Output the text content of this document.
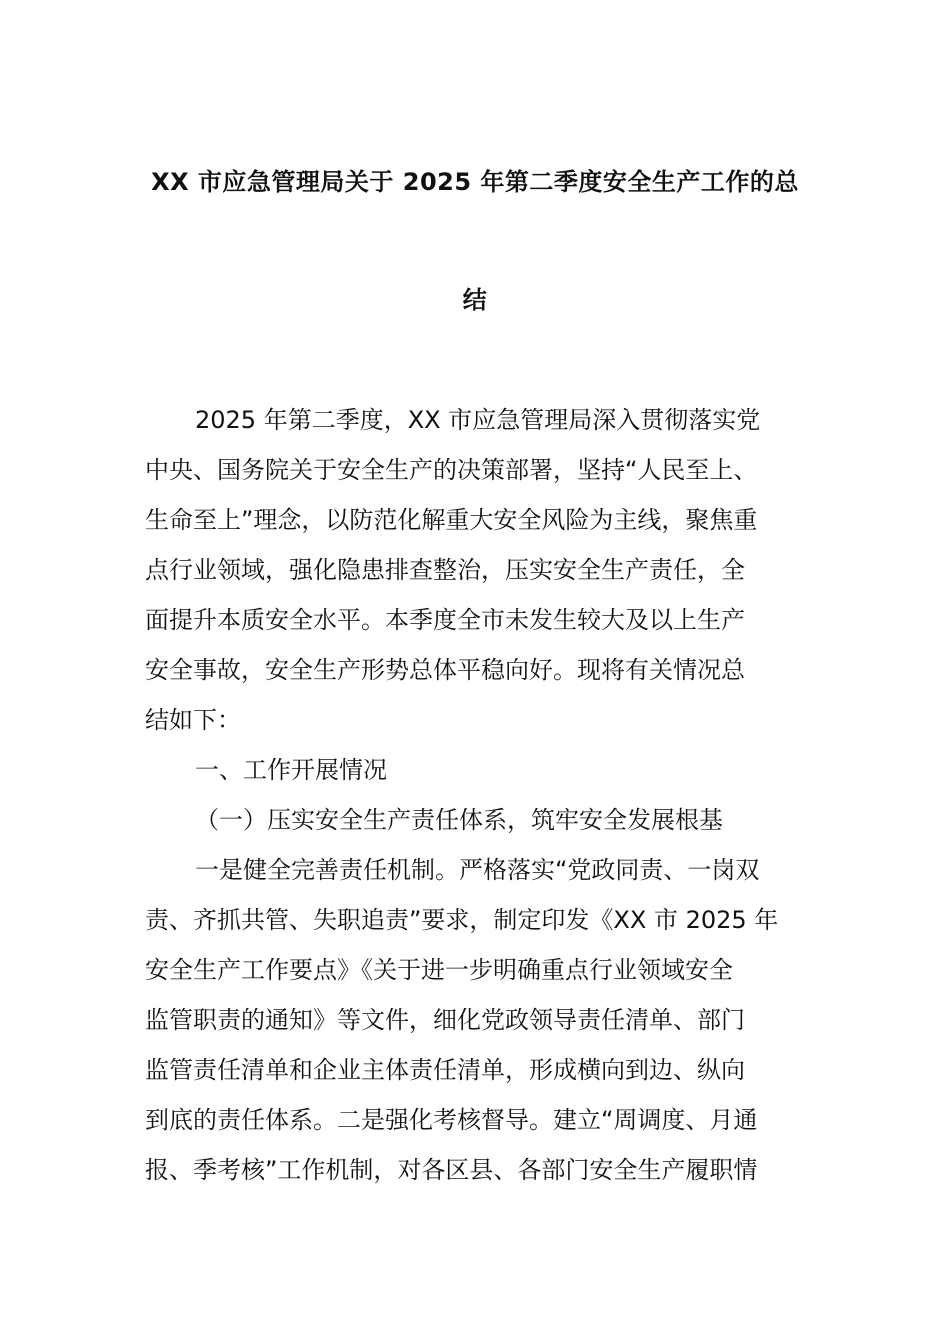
XX 市应急管理局关于 2025 年第二季度安全生产工作的总
结
2025 年第二季度，XX 市应急管理局深入贯彻落实党
中央、国务院关于安全生产的决策部署，坚持“人民至上、
生命至上”理念，以防范化解重大安全风险为主线，聚焦重
点行业领域，强化隐患排查整治，压实安全生产责任，全
面提升本质安全水平。本季度全市未发生较大及以上生产
安全事故，安全生产形势总体平稳向好。现将有关情况总
结如下：
一、工作开展情况
（一）压实安全生产责任体系，筑牢安全发展根基
一是健全完善责任机制。严格落实“党政同责、一岗双
责、齐抓共管、失职追责”要求，制定印发《XX 市 2025 年
安全生产工作要点》《关于进一步明确重点行业领域安全
监管职责的通知》等文件，细化党政领导责任清单、部门
监管责任清单和企业主体责任清单，形成横向到边、纵向
到底的责任体系。二是强化考核督导。建立“周调度、月通
报、季考核”工作机制，对各区县、各部门安全生产履职情
